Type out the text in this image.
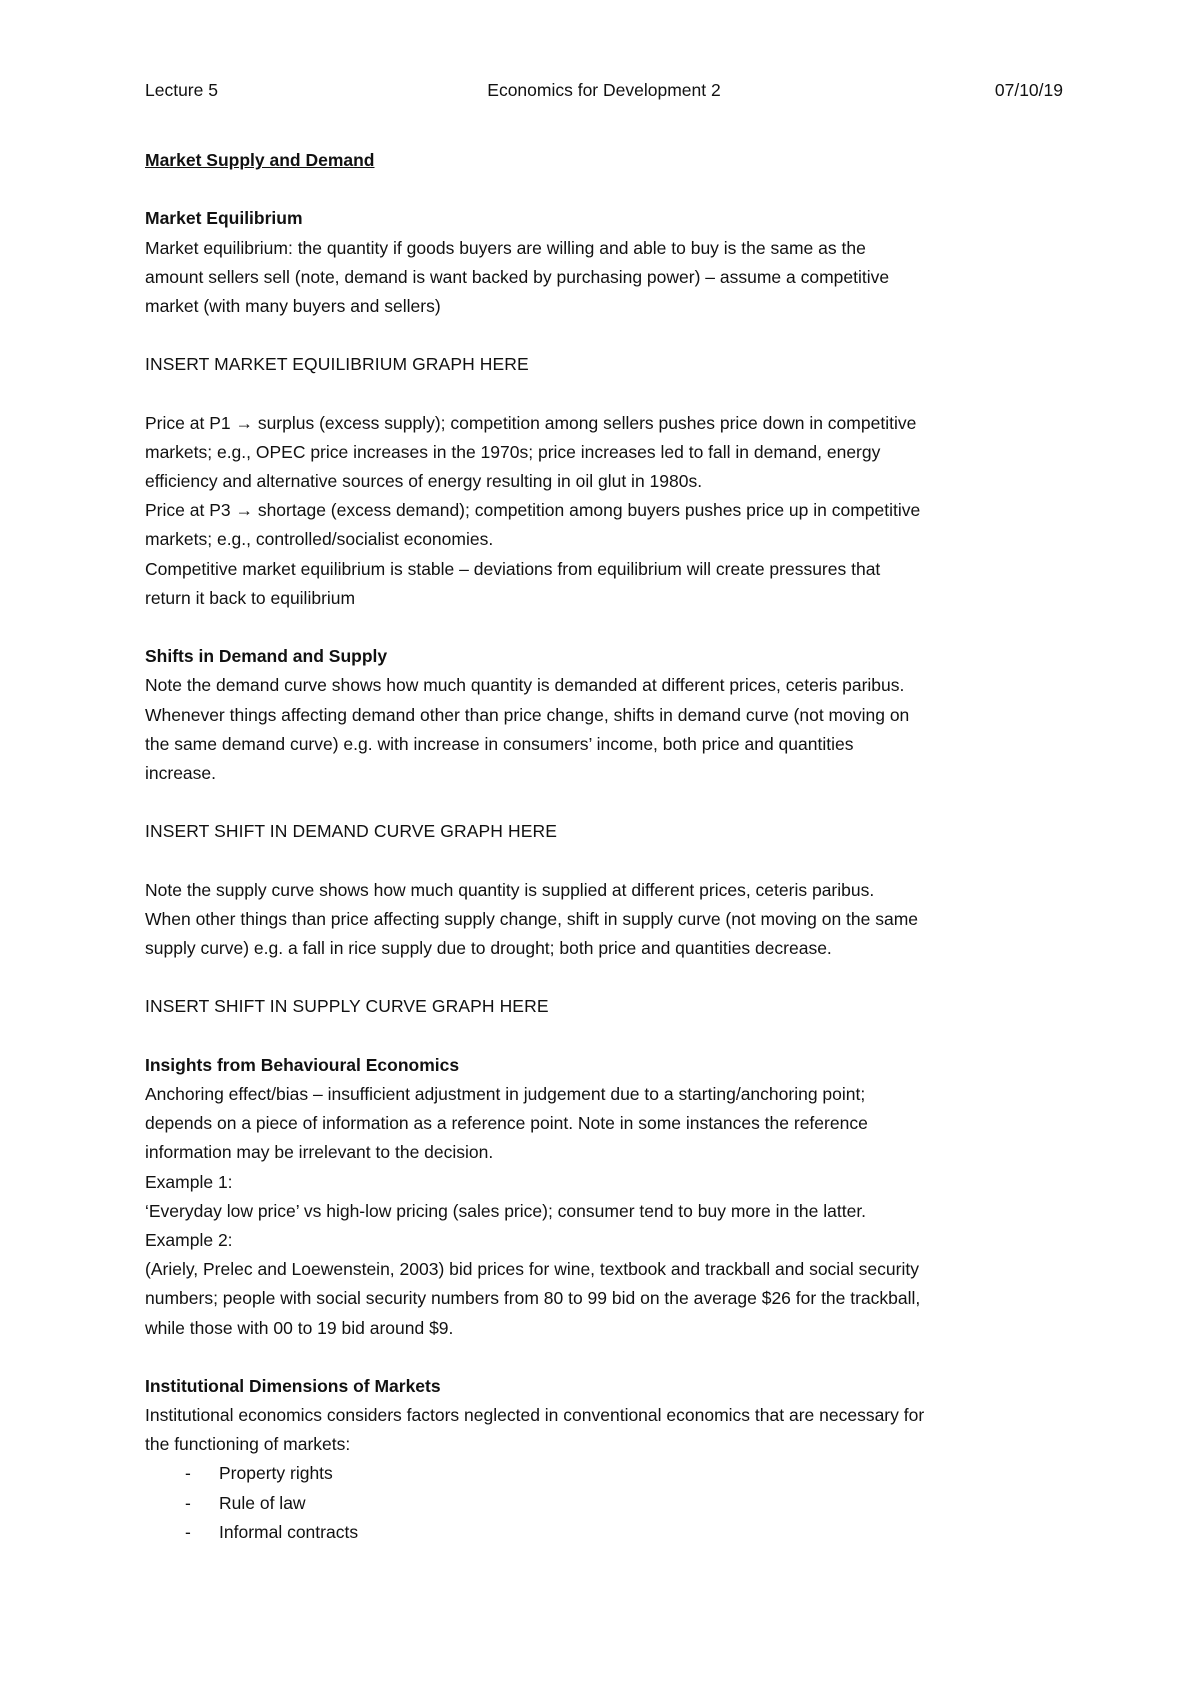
Lecture 5	Economics for Development 2	07/10/19
Market Supply and Demand
Market Equilibrium
Market equilibrium: the quantity if goods buyers are willing and able to buy is the same as the
amount sellers sell (note, demand is want backed by purchasing power) – assume a competitive
market (with many buyers and sellers)
INSERT MARKET EQUILIBRIUM GRAPH HERE
Price at P1 → surplus (excess supply); competition among sellers pushes price down in competitive
markets; e.g., OPEC price increases in the 1970s; price increases led to fall in demand, energy
efficiency and alternative sources of energy resulting in oil glut in 1980s.
Price at P3 → shortage (excess demand); competition among buyers pushes price up in competitive
markets; e.g., controlled/socialist economies.
Competitive market equilibrium is stable – deviations from equilibrium will create pressures that
return it back to equilibrium
Shifts in Demand and Supply
Note the demand curve shows how much quantity is demanded at different prices, ceteris paribus.
Whenever things affecting demand other than price change, shifts in demand curve (not moving on
the same demand curve) e.g. with increase in consumers’ income, both price and quantities
increase.
INSERT SHIFT IN DEMAND CURVE GRAPH HERE
Note the supply curve shows how much quantity is supplied at different prices, ceteris paribus.
When other things than price affecting supply change, shift in supply curve (not moving on the same
supply curve) e.g. a fall in rice supply due to drought; both price and quantities decrease.
INSERT SHIFT IN SUPPLY CURVE GRAPH HERE
Insights from Behavioural Economics
Anchoring effect/bias – insufficient adjustment in judgement due to a starting/anchoring point;
depends on a piece of information as a reference point. Note in some instances the reference
information may be irrelevant to the decision.
Example 1:
‘Everyday low price’ vs high-low pricing (sales price); consumer tend to buy more in the latter.
Example 2:
(Ariely, Prelec and Loewenstein, 2003) bid prices for wine, textbook and trackball and social security
numbers; people with social security numbers from 80 to 99 bid on the average $26 for the trackball,
while those with 00 to 19 bid around $9.
Institutional Dimensions of Markets
Institutional economics considers factors neglected in conventional economics that are necessary for
the functioning of markets:
- Property rights
- Rule of law
- Informal contracts
